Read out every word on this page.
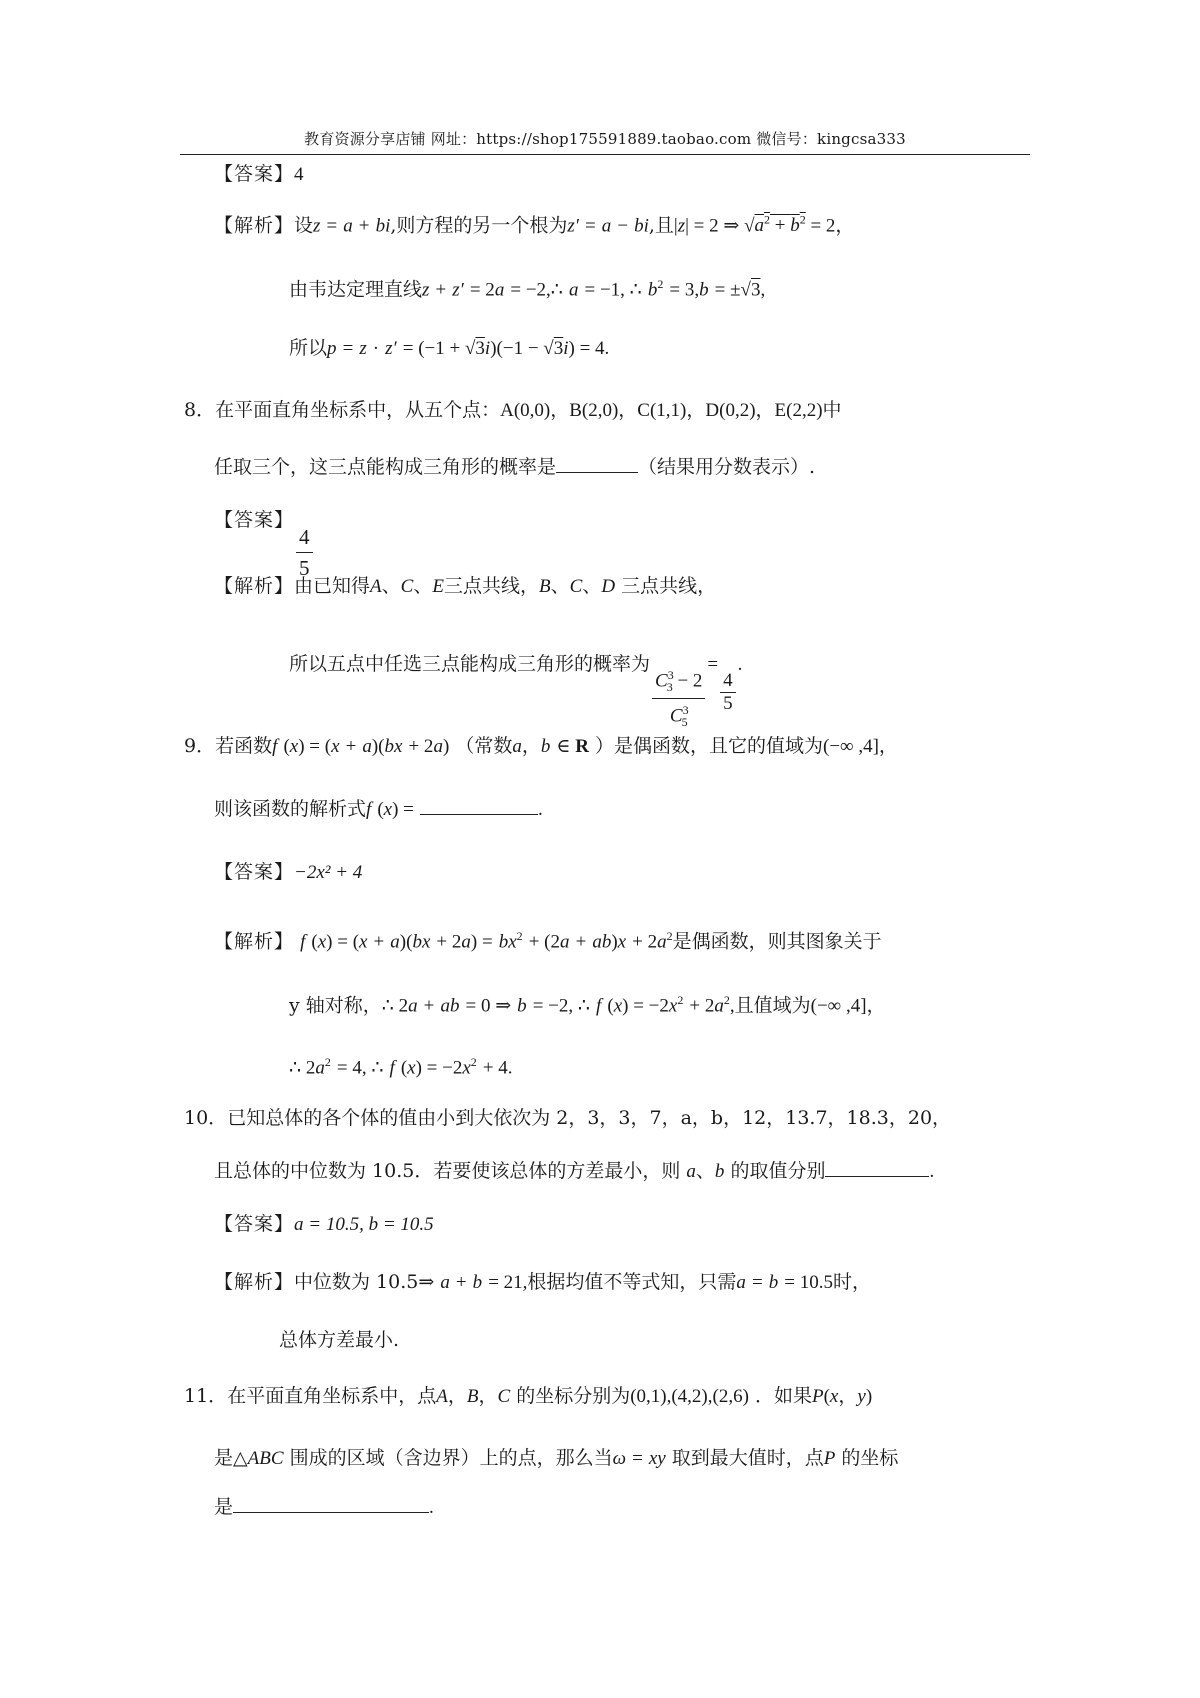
教育资源分享店铺 网址：https://shop175591889.taobao.com 微信号：kingcsa333
【答案】4
【解析】设z = a + bi,则方程的另一个根为z′ = a − bi,且|z| = 2 ⇒ $√a^2 + b^2 = 2$，
由韦达定理直线z + z′ = 2a = −2,∴ a = −1, ∴ $b^2 = 3,b = \pm√3$,
所以p = z · z′ = (−1 + √3i)(−1 − √3i) = 4.
8．在平面直角坐标系中，从五个点：A(0,0)，B(2,0)，C(1,1)，D(0,2)，E(2,2)中
任取三个，这三点能构成三角形的概率是	（结果用分数表示）.
【答案】
$\frac{4}{5}$
【解析】由已知得A、C、E三点共线，B、C、D 三点共线，
所以五点中任选三点能构成三角形的概率为 $\frac{C^3_3 - 2}{C^3_5}$ =
$\frac{4}{5}$
.
9．若函数f (x) = (x + a)(bx + 2a) （常数a，b ∈ R ）是偶函数，且它的值域为(−∞ ,4]，
则该函数的解析式f (x) =	.
【答案】−2x² + 4
【解析】 f $(x) = (x + a)(bx + 2a) = bx^2 + (2a + ab)x + 2a^2$是偶函数，则其图象关于
y 轴对称，∴ 2a + ab = 0 ⇒ b = −2, ∴ f $(x) = -2x^2 + 2a^2$,且值域为(−∞ ,4]，
∴ $2a^2 = 4$, ∴ f $(x) = -2x^2 + 4$.
10．已知总体的各个体的值由小到大依次为 2，3，3，7，a，b，12，13.7，18.3，20，
且总体的中位数为 10.5．若要使该总体的方差最小，则 a、b 的取值分别	.
【答案】a = 10.5, b = 10.5
【解析】中位数为 10.5⇒ a + b = 21,根据均值不等式知，只需a = b = 10.5时，
总体方差最小.
11．在平面直角坐标系中，点A，B，C 的坐标分别为(0,1),(4,2),(2,6) ．如果P(x，y)
是△ABC 围成的区域（含边界）上的点，那么当ω = xy 取到最大值时，点P 的坐标
是	.
